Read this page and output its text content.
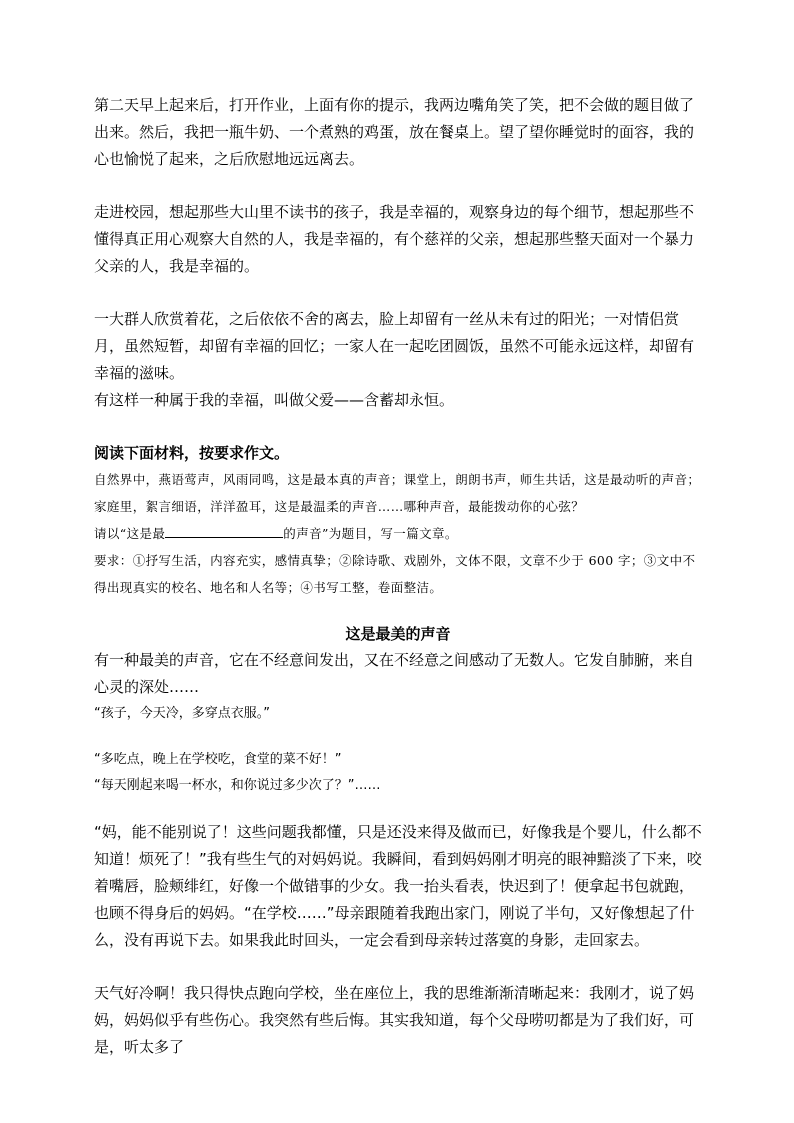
第二天早上起来后，打开作业，上面有你的提示，我两边嘴角笑了笑，把不会做的题目做了出来。然后，我把一瓶牛奶、一个煮熟的鸡蛋，放在餐桌上。望了望你睡觉时的面容，我的心也愉悦了起来，之后欣慰地远远离去。

走进校园，想起那些大山里不读书的孩子，我是幸福的，观察身边的每个细节，想起那些不懂得真正用心观察大自然的人，我是幸福的，有个慈祥的父亲，想起那些整天面对一个暴力父亲的人，我是幸福的。

一大群人欣赏着花，之后依依不舍的离去，脸上却留有一丝从未有过的阳光；一对情侣赏月，虽然短暂，却留有幸福的回忆；一家人在一起吃团圆饭，虽然不可能永远这样，却留有幸福的滋味。

有这样一种属于我的幸福，叫做父爱——含蓄却永恒。

阅读下面材料，按要求作文。

自然界中，燕语莺声，风雨同鸣，这是最本真的声音；课堂上，朗朗书声，师生共话，这是最动听的声音；家庭里，絮言细语，洋洋盈耳，这是最温柔的声音……哪种声音，最能拨动你的心弦？

请以“这是最	的声音”为题目，写一篇文章。

要求：①抒写生活，内容充实，感情真挚；②除诗歌、戏剧外，文体不限，文章不少于 600 字；③文中不得出现真实的校名、地名和人名等；④书写工整，卷面整洁。

这是最美的声音

有一种最美的声音，它在不经意间发出，又在不经意之间感动了无数人。它发自肺腑，来自心灵的深处……

“孩子，今天冷，多穿点衣服。”

“多吃点，晚上在学校吃，食堂的菜不好！”

“每天刚起来喝一杯水，和你说过多少次了？”……

“妈，能不能别说了！这些问题我都懂，只是还没来得及做而已，好像我是个婴儿，什么都不知道！烦死了！”我有些生气的对妈妈说。我瞬间，看到妈妈刚才明亮的眼神黯淡了下来，咬着嘴唇，脸颊绯红，好像一个做错事的少女。我一抬头看表，快迟到了！便拿起书包就跑，也顾不得身后的妈妈。“在学校……”母亲跟随着我跑出家门，刚说了半句，又好像想起了什么，没有再说下去。如果我此时回头，一定会看到母亲转过落寞的身影，走回家去。

天气好冷啊！我只得快点跑向学校，坐在座位上，我的思维渐渐清晰起来：我刚才，说了妈妈，妈妈似乎有些伤心。我突然有些后悔。其实我知道，每个父母唠叨都是为了我们好，可是，听太多了
